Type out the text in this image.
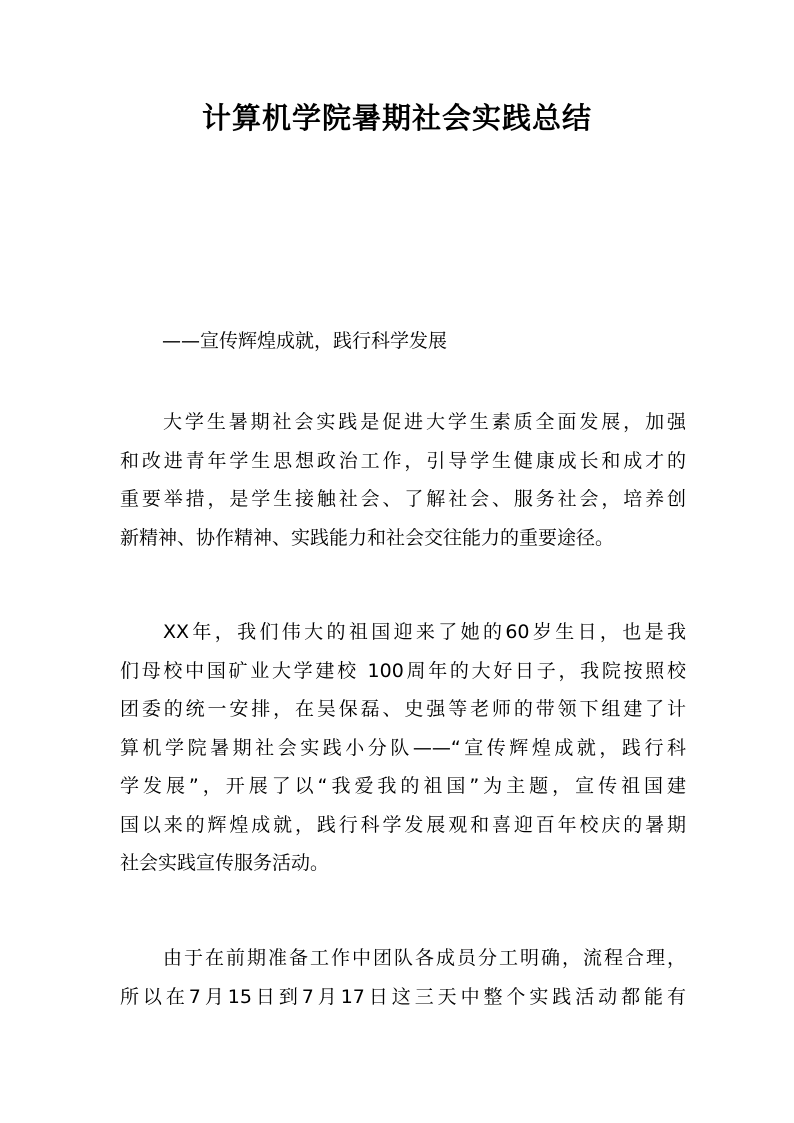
计算机学院暑期社会实践总结

——宣传辉煌成就，践行科学发展

大学生暑期社会实践是促进大学生素质全面发展，加强
和改进青年学生思想政治工作，引导学生健康成长和成才的
重要举措，是学生接触社会、了解社会、服务社会，培养创
新精神、协作精神、实践能力和社会交往能力的重要途径。
XX年，我们伟大的祖国迎来了她的60岁生日，也是我
们母校中国矿业大学建校 100周年的大好日子，我院按照校
团委的统一安排，在吴保磊、史强等老师的带领下组建了计
算机学院暑期社会实践小分队——“宣传辉煌成就，践行科
学发展”，开展了以“我爱我的祖国”为主题，宣传祖国建
国以来的辉煌成就，践行科学发展观和喜迎百年校庆的暑期
社会实践宣传服务活动。
由于在前期准备工作中团队各成员分工明确，流程合理，
所以在7月15日到7月17日这三天中整个实践活动都能有
